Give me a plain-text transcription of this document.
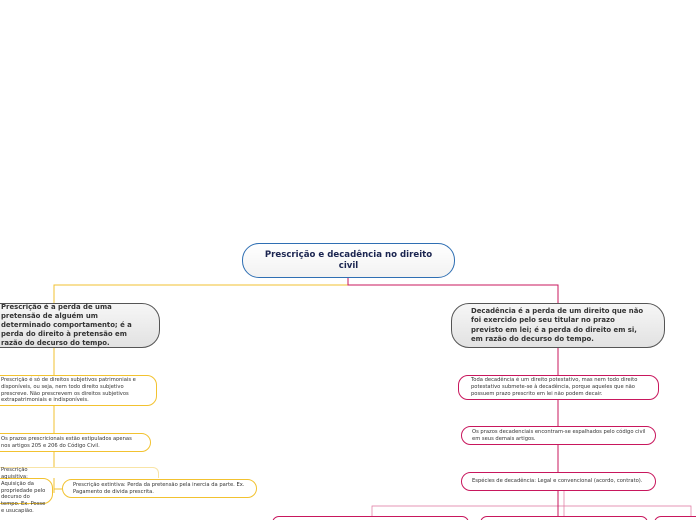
Prescrição e decadência no direito civil
Prescrição é a perda de uma pretensão de alguém um determinado comportamento; é a perda do direito à pretensão em razão do decurso do tempo.
Decadência é a perda de um direito que não foi exercido pelo seu titular no prazo previsto em lei; é a perda do direito em si, em razão do decurso do tempo.
Prescrição é só de direitos subjetivos patrimoniais e disponíveis, ou seja, nem todo direito subjetivo prescreve. Não prescrevem os direitos subjetivos extrapatrimoniais e indisponíveis.
Os prazos prescricionais estão estipulados apenas nos artigos 205 e 206 do Código Civil.
Prescrição aquisitiva: Aquisição da propriedade pelo decurso do tempo. Ex. Posse e usucapião.
Prescrição extintiva: Perda da pretensão pela inercia da parte. Ex. Pagamento de divida prescrita.
Toda decadência é um direito potestativo, mas nem todo direito potestativo submete-se à decadência, porque aqueles que não possuem prazo prescrito em lei não podem decair.
Os prazos decadenciais encontram-se espalhados pelo código civil em seus demais artigos.
Espécies de decadência: Legal e convencional (acordo, contrato).
